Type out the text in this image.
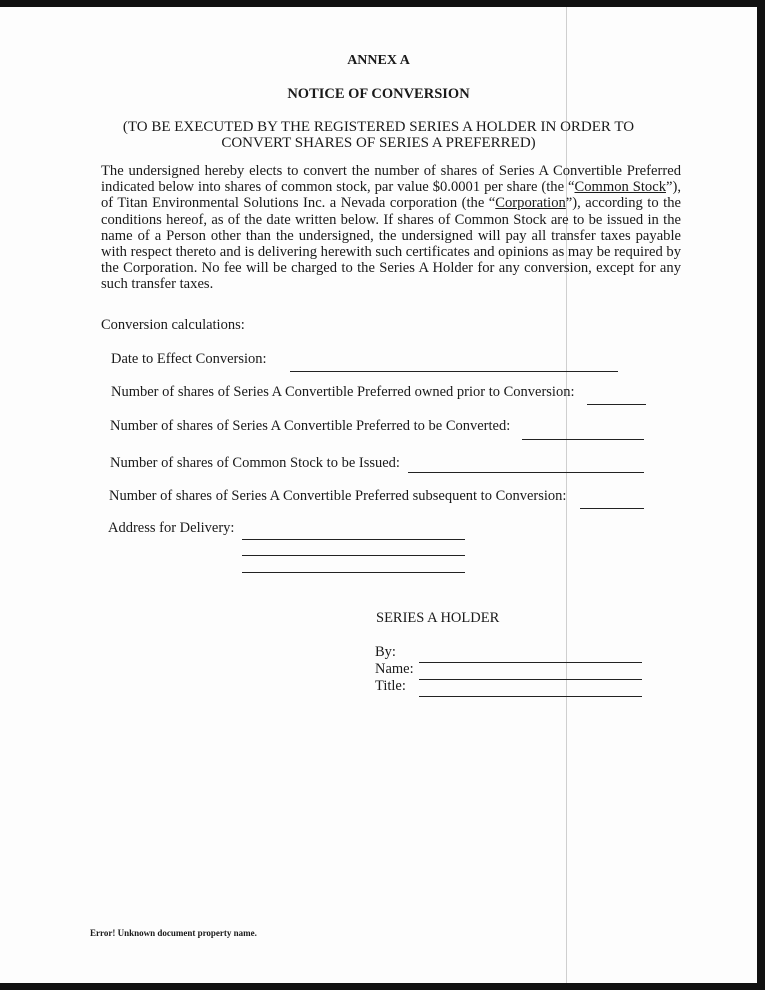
ANNEX A
NOTICE OF CONVERSION
(TO BE EXECUTED BY THE REGISTERED SERIES A HOLDER IN ORDER TO
CONVERT SHARES OF SERIES A PREFERRED)
The undersigned hereby elects to convert the number of shares of Series A Convertible Preferred indicated below into shares of common stock, par value $0.0001 per share (the “Common Stock”), of Titan Environmental Solutions Inc. a Nevada corporation (the “Corporation”), according to the conditions hereof, as of the date written below. If shares of Common Stock are to be issued in the name of a Person other than the undersigned, the undersigned will pay all transfer taxes payable with respect thereto and is delivering herewith such certificates and opinions as may be required by the Corporation. No fee will be charged to the Series A Holder for any conversion, except for any such transfer taxes.
Conversion calculations:
Date to Effect Conversion:
Number of shares of Series A Convertible Preferred owned prior to Conversion:
Number of shares of Series A Convertible Preferred to be Converted:
Number of shares of Common Stock to be Issued:
Number of shares of Series A Convertible Preferred subsequent to Conversion:
Address for Delivery:
SERIES A HOLDER
By:
Name:
Title:
Error! Unknown document property name.
